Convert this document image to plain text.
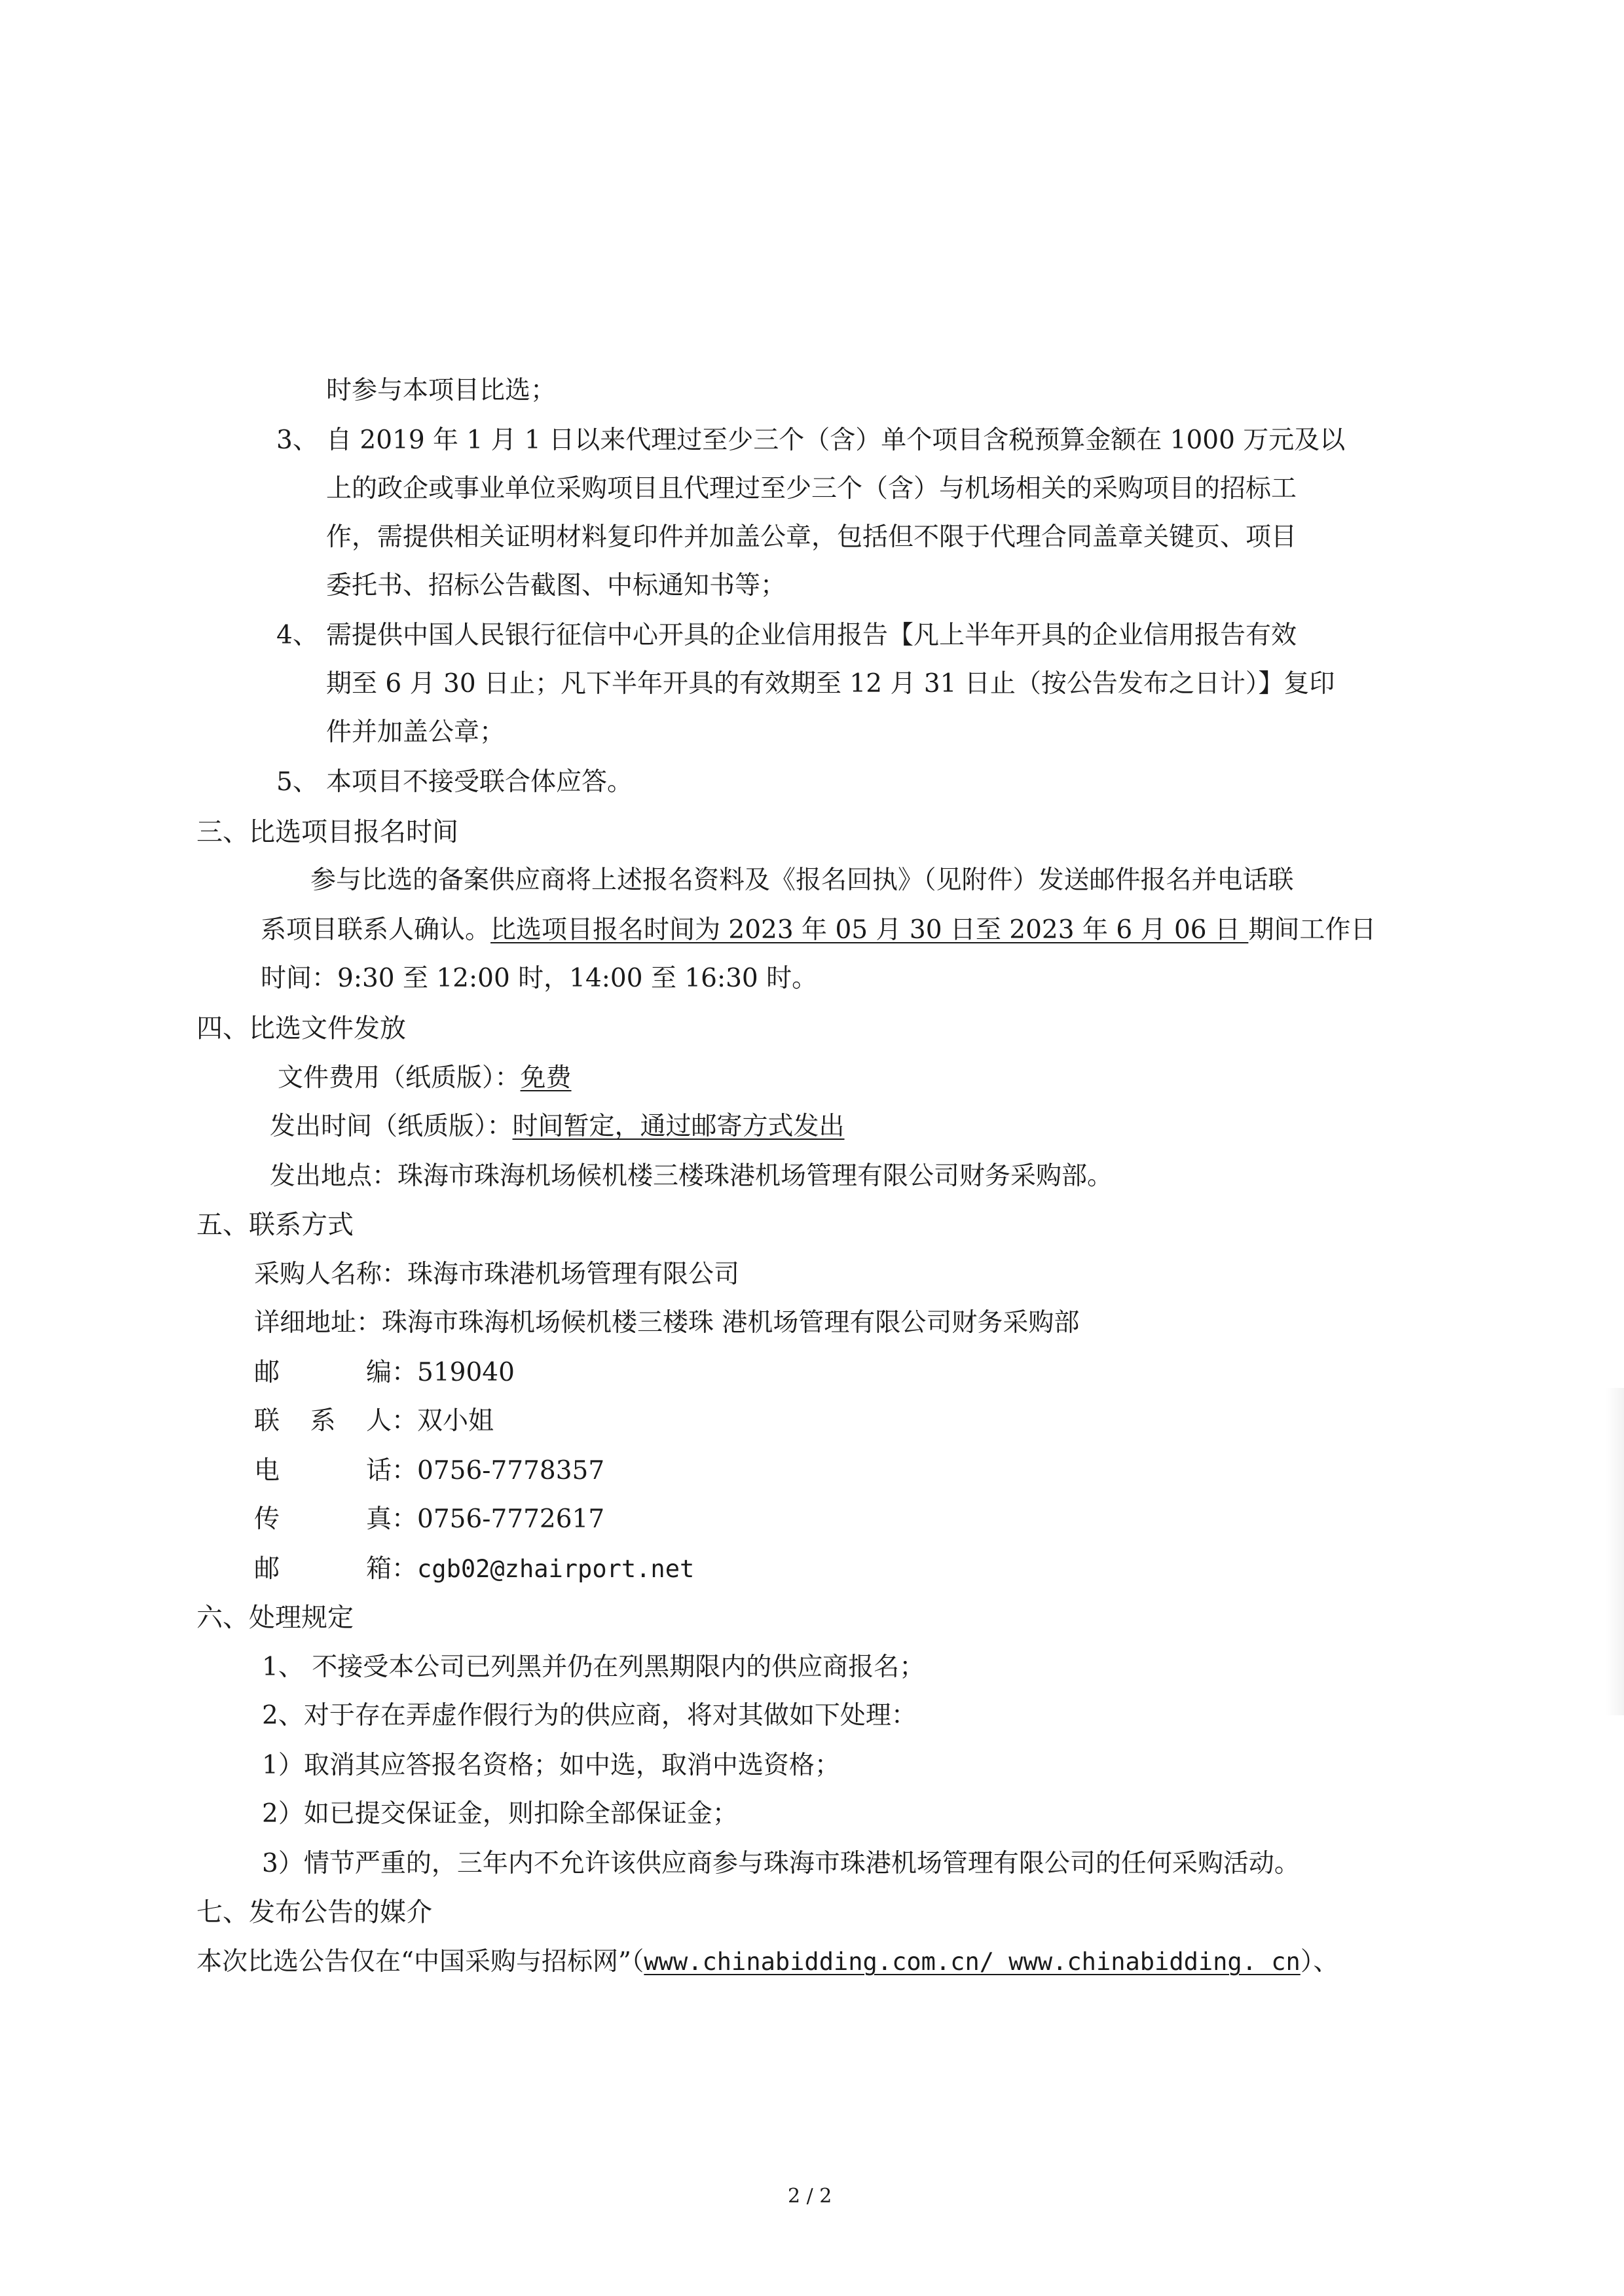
时参与本项目比选；
3、 自 2019 年 1 月 1 日以来代理过至少三个（含）单个项目含税预算金额在 1000 万元及以
上的政企或事业单位采购项目且代理过至少三个（含）与机场相关的采购项目的招标工
作，需提供相关证明材料复印件并加盖公章，包括但不限于代理合同盖章关键页、项目
委托书、招标公告截图、中标通知书等；
4、 需提供中国人民银行征信中心开具的企业信用报告【凡上半年开具的企业信用报告有效
期至 6 月 30 日止；凡下半年开具的有效期至 12 月 31 日止（按公告发布之日计）】复印
件并加盖公章；
5、 本项目不接受联合体应答。
三、比选项目报名时间
参与比选的备案供应商将上述报名资料及《报名回执》（见附件）发送邮件报名并电话联
系项目联系人确认。比选项目报名时间为 2023 年 05 月 30 日至 2023 年 6 月 06 日 期间工作日
时间：9:30 至 12:00 时，14:00 至 16:30 时。
四、比选文件发放
文件费用（纸质版）：免费
发出时间（纸质版）：时间暂定，通过邮寄方式发出
发出地点：珠海市珠海机场候机楼三楼珠港机场管理有限公司财务采购部。
五、联系方式
采购人名称：珠海市珠港机场管理有限公司
详细地址：珠海市珠海机场候机楼三楼珠 港机场管理有限公司财务采购部
邮编 ： 519040
联系人 ： 双小姐
电话 ： 0756-7778357
传真 ： 0756-7772617
邮箱 ： cgb02@zhairport.net
六、处理规定
1、 不接受本公司已列黑并仍在列黑期限内的供应商报名；
2、对于存在弄虚作假行为的供应商，将对其做如下处理：
1）取消其应答报名资格；如中选，取消中选资格；
2）如已提交保证金，则扣除全部保证金；
3）情节严重的，三年内不允许该供应商参与珠海市珠港机场管理有限公司的任何采购活动。
七、发布公告的媒介
本次比选公告仅在“中国采购与招标网”（www.chinabidding.com.cn/ www.chinabidding. cn）、
2 / 2
